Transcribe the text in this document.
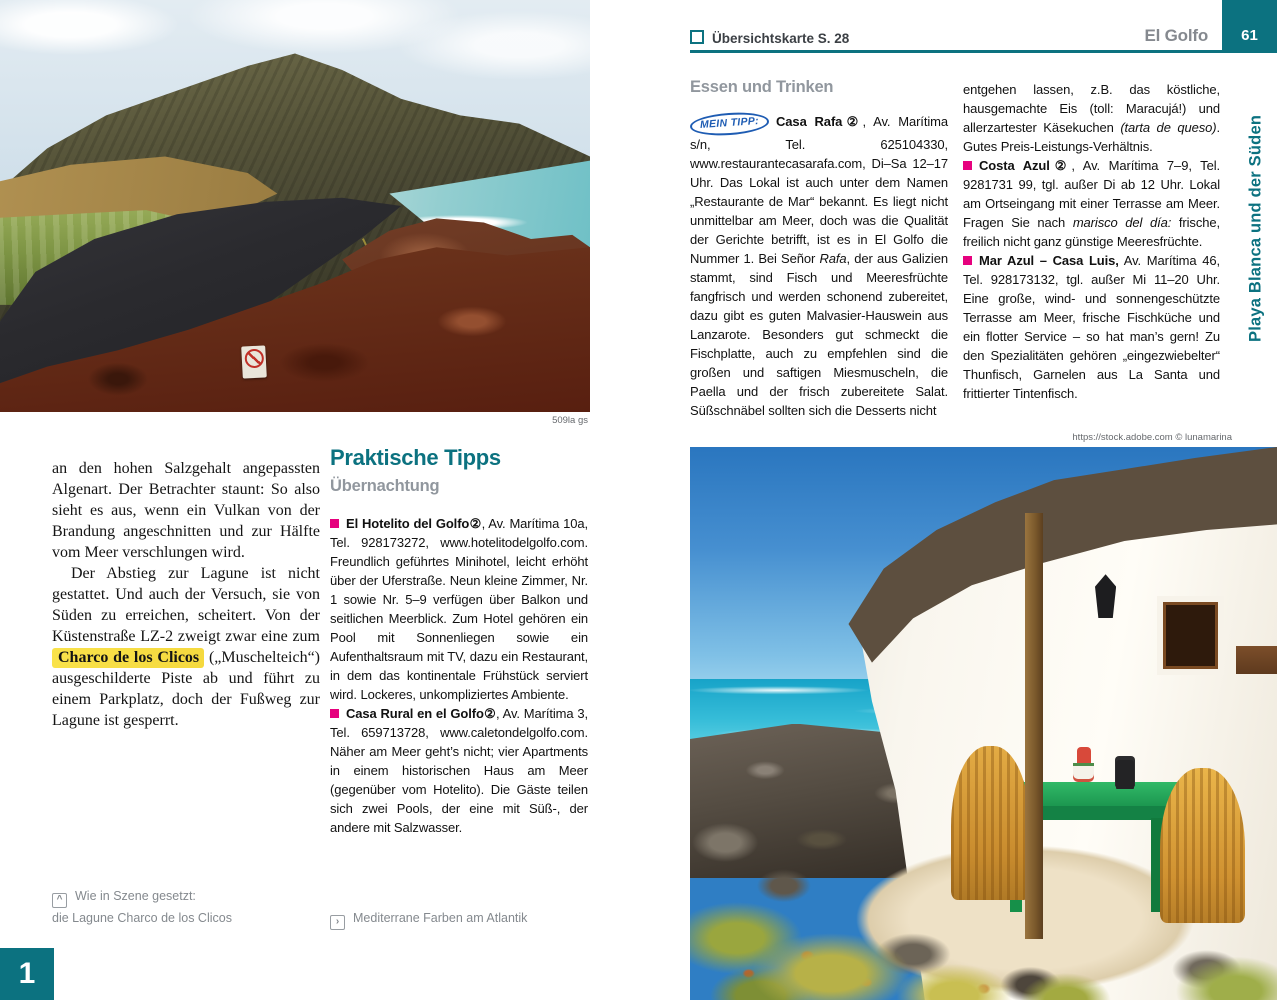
509la gs

an den hohen Salzgehalt angepassten Algenart. Der Betrachter staunt: So also sieht es aus, wenn ein Vulkan von der Brandung angeschnitten und zur Hälfte vom Meer verschlungen wird.

Der Abstieg zur Lagune ist nicht gestattet. Und auch der Versuch, sie von Süden zu erreichen, scheitert. Von der Küstenstraße LZ-2 zweigt zwar eine zum Charco de los Clicos („Muschelteich“) ausgeschilderte Piste ab und führt zu einem Parkplatz, doch der Fußweg zur Lagune ist gesperrt.

^ Wie in Szene gesetzt:
die Lagune Charco de los Clicos
1
Praktische Tipps
Übernachtung

El Hotelito del Golfo②, Av. Marítima 10a, Tel. 928173272, www.hotelitodelgolfo.com. Freundlich geführtes Minihotel, leicht erhöht über der Uferstraße. Neun kleine Zimmer, Nr. 1 sowie Nr. 5–9 verfügen über Balkon und seitlichen Meerblick. Zum Hotel gehören ein Pool mit Sonnenliegen sowie ein Aufenthaltsraum mit TV, dazu ein Restaurant, in dem das kontinentale Frühstück serviert wird. Lockeres, unkompliziertes Ambiente.

Casa Rural en el Golfo②, Av. Marítima 3, Tel. 659713728, www.caletondelgolfo.com. Näher am Meer geht’s nicht; vier Apartments in einem historischen Haus am Meer (gegenüber vom Hotelito). Die Gäste teilen sich zwei Pools, der eine mit Süß-, der andere mit Salzwasser.

› Mediterrane Farben am Atlantik
Übersichtskarte S. 28	El Golfo	61
Playa Blanca und der Süden
Essen und Trinken

MEIN TIPP: Casa Rafa②, Av. Marítima s/n, Tel. 625104330, www.restaurantecasarafa.com, Di–Sa 12–17 Uhr. Das Lokal ist auch unter dem Namen „Restaurante de Mar“ bekannt. Es liegt nicht unmittelbar am Meer, doch was die Qualität der Gerichte betrifft, ist es in El Golfo die Nummer 1. Bei Señor Rafa, der aus Galizien stammt, sind Fisch und Meeresfrüchte fangfrisch und werden schonend zubereitet, dazu gibt es guten Malvasier-Hauswein aus Lanzarote. Besonders gut schmeckt die Fischplatte, auch zu empfehlen sind die großen und saftigen Miesmuscheln, die Paella und der frisch zubereitete Salat. Süßschnäbel sollten sich die Desserts nicht

entgehen lassen, z.B. das köstliche, hausgemachte Eis (toll: Maracujá!) und allerzartester Käsekuchen (tarta de queso). Gutes Preis-Leistungs-Verhältnis.

Costa Azul②, Av. Marítima 7–9, Tel. 9281731 99, tgl. außer Di ab 12 Uhr. Lokal am Ortseingang mit einer Terrasse am Meer. Fragen Sie nach marisco del día: frische, freilich nicht ganz günstige Meeresfrüchte.

Mar Azul – Casa Luis, Av. Marítima 46, Tel. 928173132, tgl. außer Mi 11–20 Uhr. Eine große, wind- und sonnengeschützte Terrasse am Meer, frische Fischküche und ein flotter Service – so hat man’s gern! Zu den Spezialitäten gehören „eingezwiebelter“ Thunfisch, Garnelen aus La Santa und frittierter Tintenfisch.

https://stock.adobe.com © lunamarina
